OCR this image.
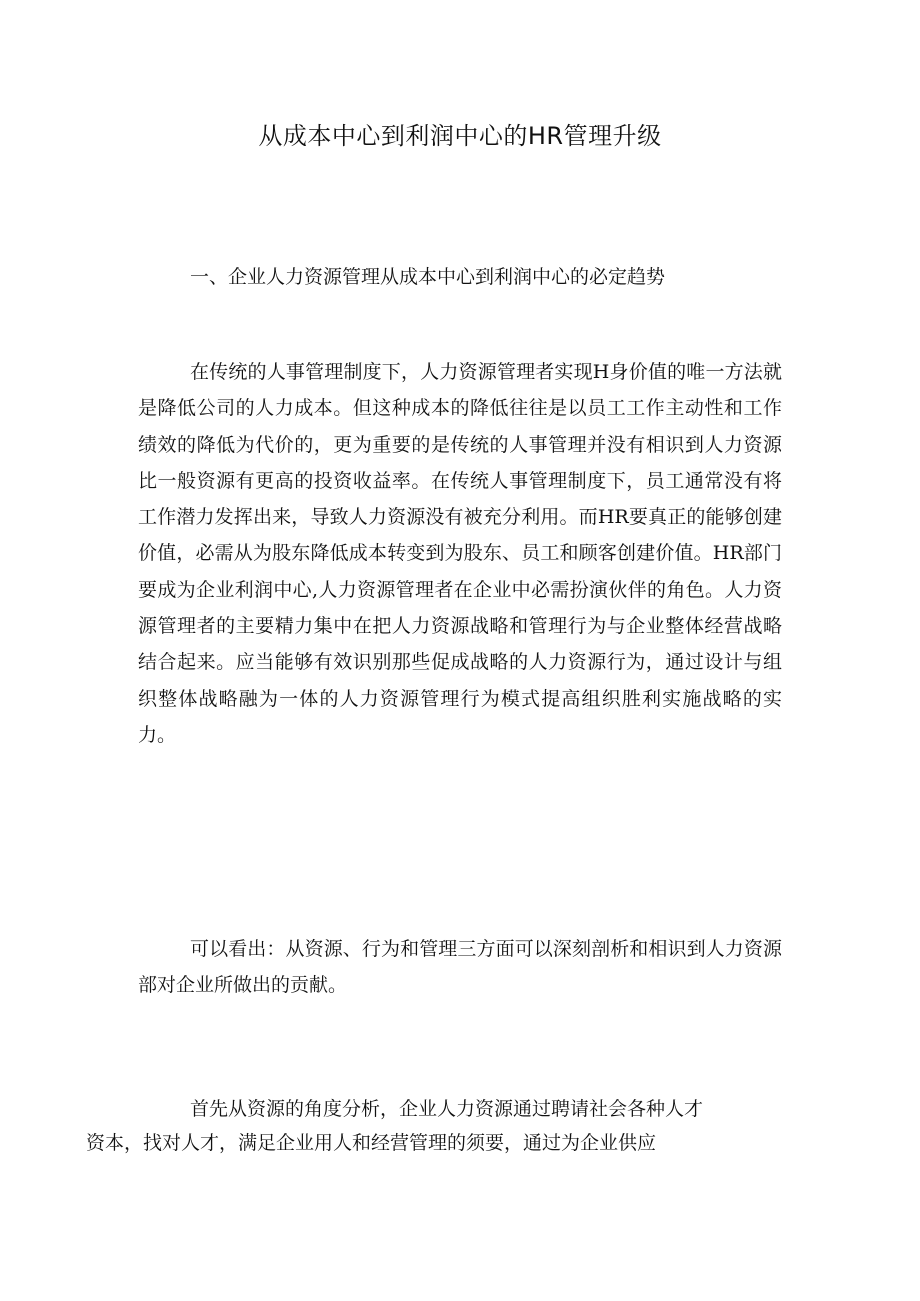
从成本中心到利润中心的HR管理升级
一、企业人力资源管理从成本中心到利润中心的必定趋势

在传统的人事管理制度下，人力资源管理者实现H身价值的唯一方法就是降低公司的人力成本。但这种成本的降低往往是以员工工作主动性和工作绩效的降低为代价的，更为重要的是传统的人事管理并没有相识到人力资源比一般资源有更高的投资收益率。在传统人事管理制度下，员工通常没有将工作潜力发挥出来，导致人力资源没有被充分利用。而HR要真正的能够创建价值，必需从为股东降低成本转变到为股东、员工和顾客创建价值。HR部门要成为企业利润中心,人力资源管理者在企业中必需扮演伙伴的角色。人力资源管理者的主要精力集中在把人力资源战略和管理行为与企业整体经营战略结合起来。应当能够有效识别那些促成战略的人力资源行为，通过设计与组织整体战略融为一体的人力资源管理行为模式提高组织胜利实施战略的实力。

可以看出：从资源、行为和管理三方面可以深刻剖析和相识到人力资源部对企业所做出的贡献。

首先从资源的角度分析，企业人力资源通过聘请社会各种人才
资本，找对人才，满足企业用人和经营管理的须要，通过为企业供应
